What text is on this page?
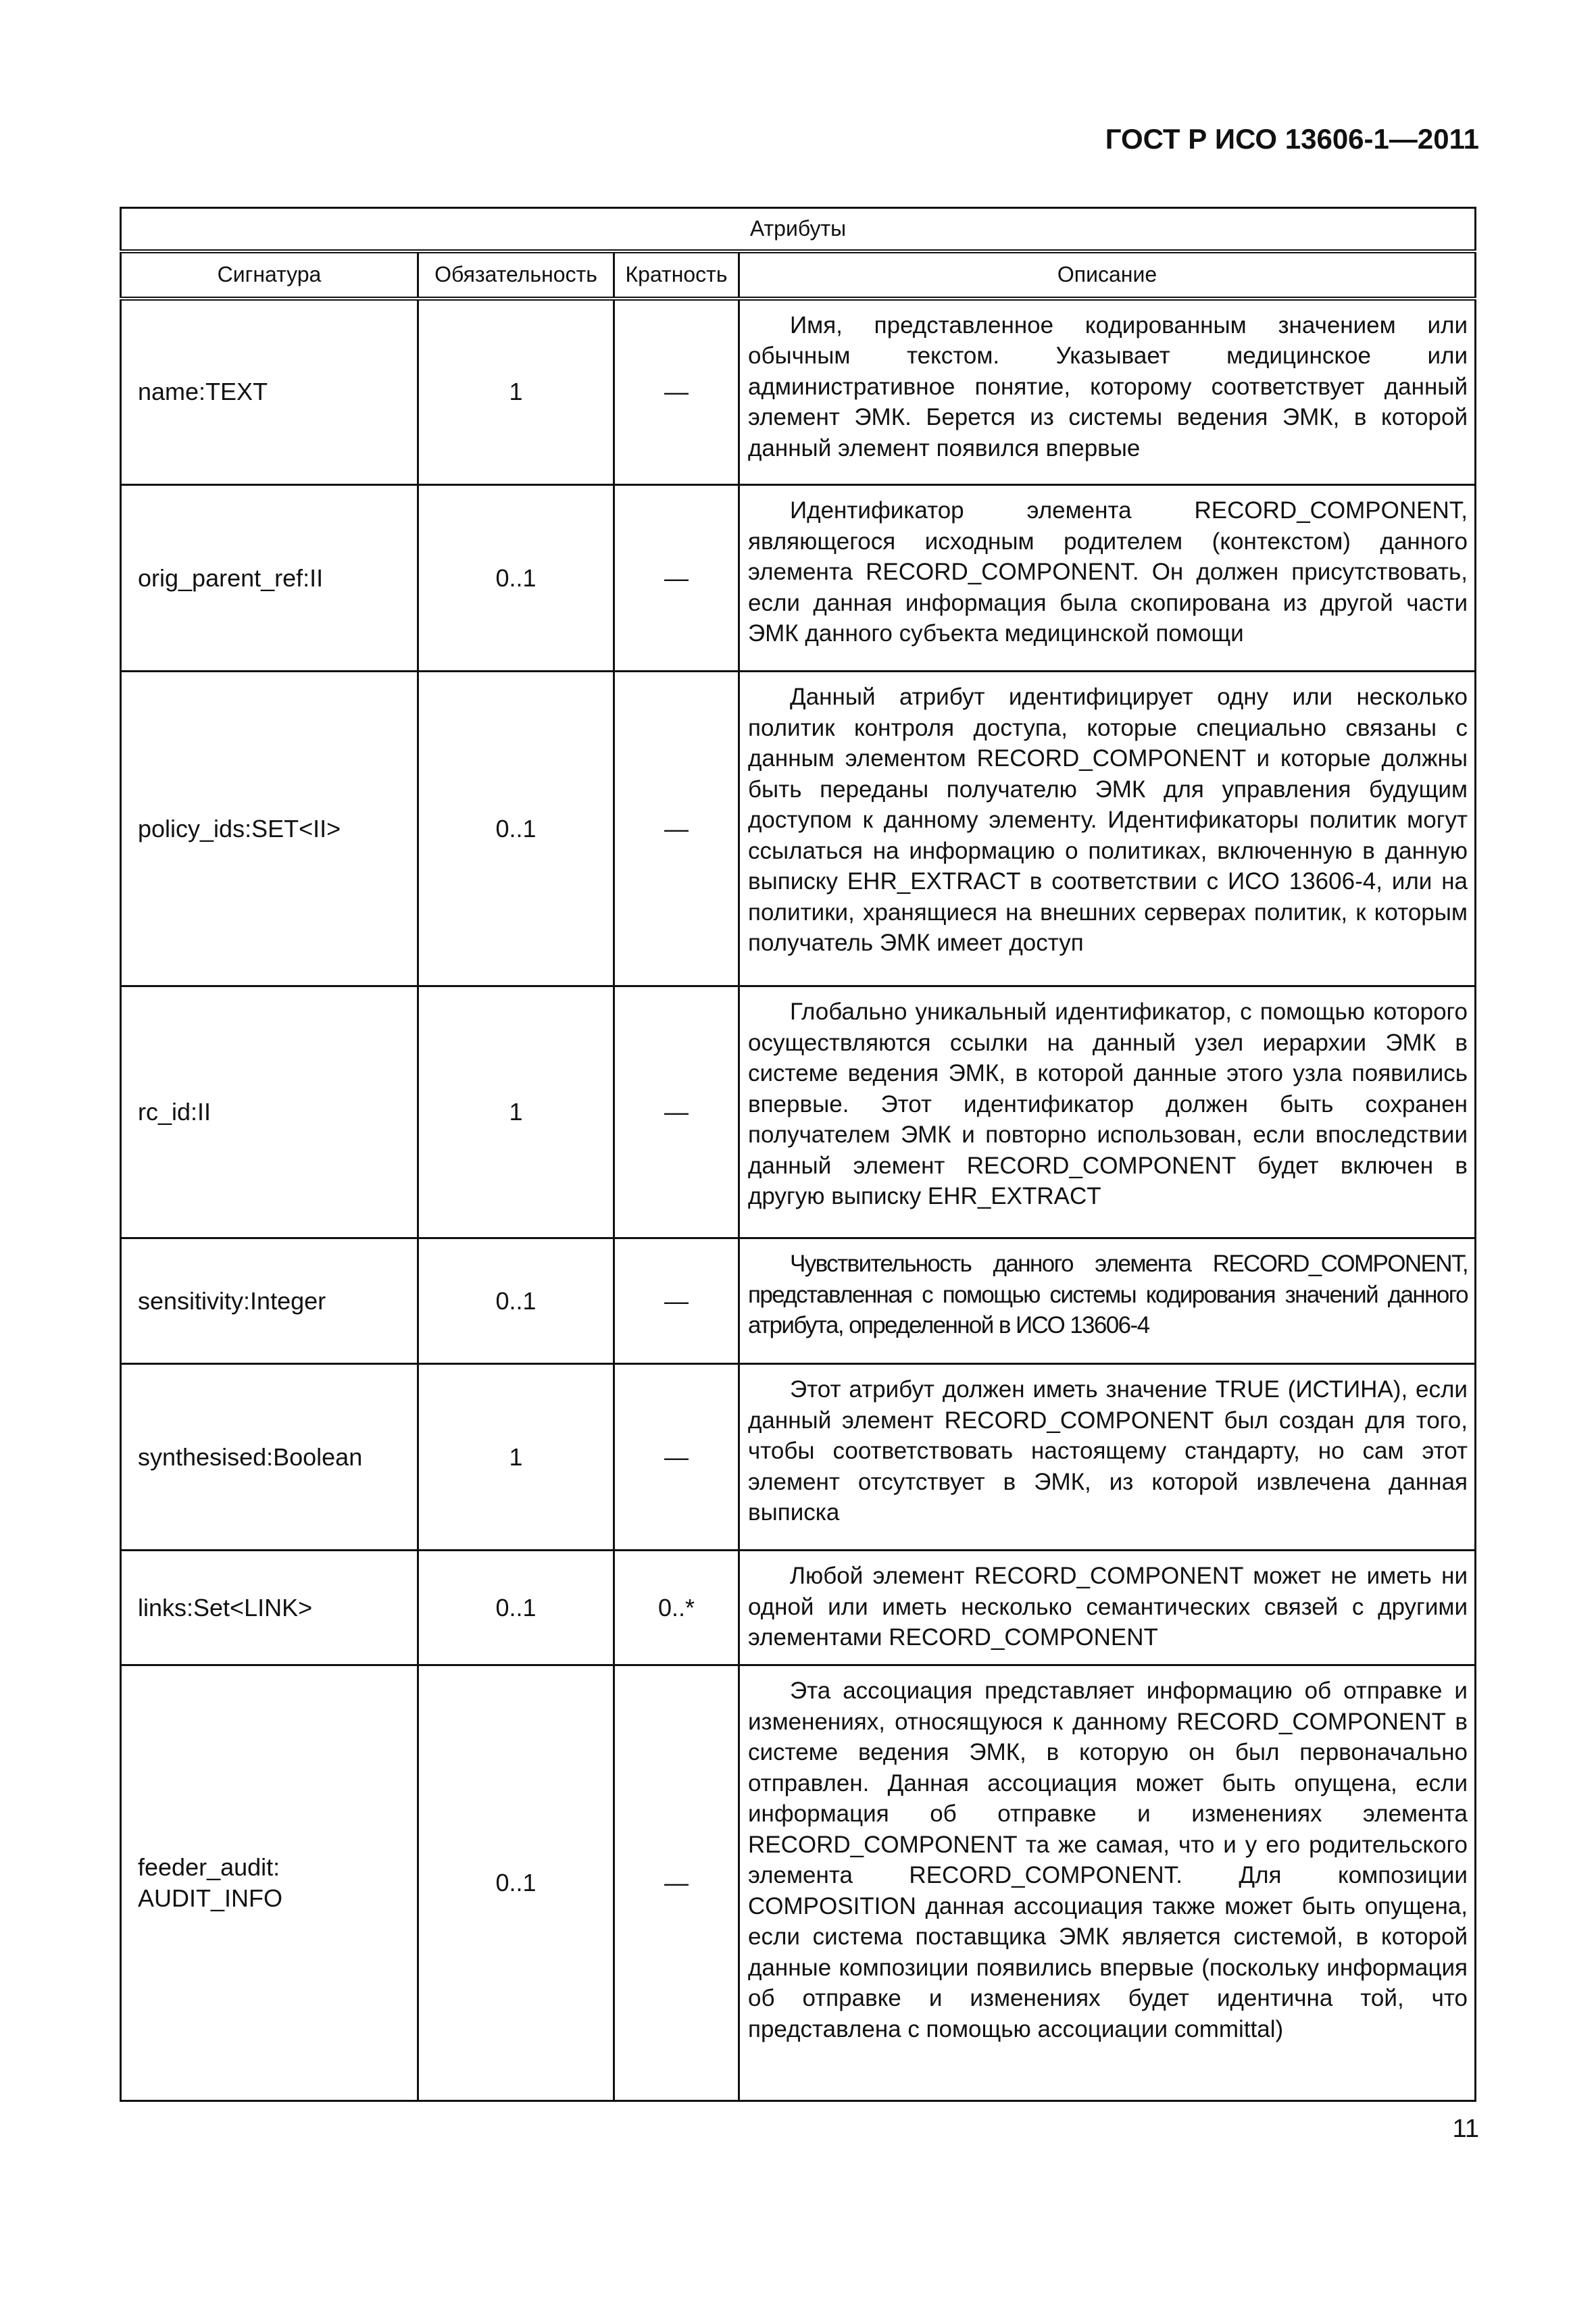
ГОСТ Р ИСО 13606-1—2011
Атрибуты			
Сигнатура	Обязательность	Кратность	Описание
name:TEXT	1	—	Имя, представленное кодированным значением или обычным текстом. Указывает медицинское или административное понятие, которому соответствует данный элемент ЭМК. Берется из системы ведения ЭМК, в которой данный элемент появился впервые

orig_parent_ref:II	0..1	—	Идентификатор элемента RECORD_COMPONENT, являющегося исходным родителем (контекстом) данного элемента RECORD_COMPONENT. Он должен присутствовать, если данная информация была скопирована из другой части ЭМК данного субъекта медицинской помощи

policy_ids:SET<II>	0..1	—	Данный атрибут идентифицирует одну или несколько политик контроля доступа, которые специально связаны с данным элементом RECORD_COMPONENT и которые должны быть переданы получателю ЭМК для управления будущим доступом к данному элементу. Идентификаторы политик могут ссылаться на информацию о политиках, включенную в данную выписку EHR_EXTRACT в соответствии с ИСО 13606-4, или на политики, хранящиеся на внешних серверах политик, к которым получатель ЭМК имеет доступ

rc_id:II	1	—	Глобально уникальный идентификатор, с помощью которого осуществляются ссылки на данный узел иерархии ЭМК в системе ведения ЭМК, в которой данные этого узла появились впервые. Этот идентификатор должен быть сохранен получателем ЭМК и повторно использован, если впоследствии данный элемент RECORD_COMPONENT будет включен в другую выписку EHR_EXTRACT

sensitivity:Integer	0..1	—	Чувствительность данного элемента RECORD_COMPONENT, представленная с помощью системы кодирования значений данного атрибута, определенной в ИСО 13606-4

synthesised:Boolean	1	—	Этот атрибут должен иметь значение TRUE (ИСТИНА), если данный элемент RECORD_COMPONENT был создан для того, чтобы соответствовать настоящему стандарту, но сам этот элемент отсутствует в ЭМК, из которой извлечена данная выписка

links:Set<LINK>	0..1	0..*	Любой элемент RECORD_COMPONENT может не иметь ни одной или иметь несколько семантических связей с другими элементами RECORD_COMPONENT

feeder_audit: AUDIT_INFO	0..1	—	Эта ассоциация представляет информацию об отправке и изменениях, относящуюся к данному RECORD_COMPONENT в системе ведения ЭМК, в которую он был первоначально отправлен. Данная ассоциация может быть опущена, если информация об отправке и изменениях элемента RECORD_COMPONENT та же самая, что и у его родительского элемента RECORD_COMPONENT. Для композиции COMPOSITION данная ассоциация также может быть опущена, если система поставщика ЭМК является системой, в которой данные композиции появились впервые (поскольку информация об отправке и изменениях будет идентична той, что представлена с помощью ассоциации committal)

11
